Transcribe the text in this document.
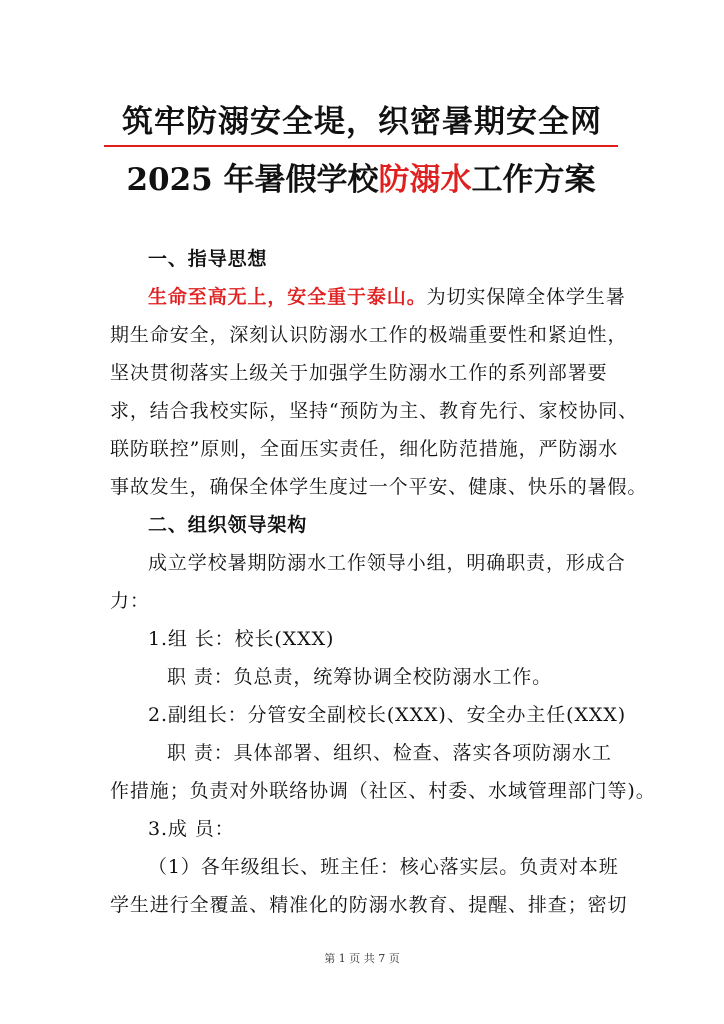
筑牢防溺安全堤，织密暑期安全网
2025 年暑假学校防溺水工作方案
一、指导思想
生命至高无上，安全重于泰山。为切实保障全体学生暑
期生命安全，深刻认识防溺水工作的极端重要性和紧迫性，
坚决贯彻落实上级关于加强学生防溺水工作的系列部署要
求，结合我校实际，坚持“预防为主、教育先行、家校协同、
联防联控”原则，全面压实责任，细化防范措施，严防溺水
事故发生，确保全体学生度过一个平安、健康、快乐的暑假。
二、组织领导架构
成立学校暑期防溺水工作领导小组，明确职责，形成合
力：
1.组 长：校长(XXX)
职 责：负总责，统筹协调全校防溺水工作。
2.副组长：分管安全副校长(XXX)、安全办主任(XXX)
职 责：具体部署、组织、检查、落实各项防溺水工
作措施；负责对外联络协调（社区、村委、水域管理部门等)。
3.成 员：
（1）各年级组长、班主任：核心落实层。负责对本班
学生进行全覆盖、精准化的防溺水教育、提醒、排查；密切
第 1 页 共 7 页
